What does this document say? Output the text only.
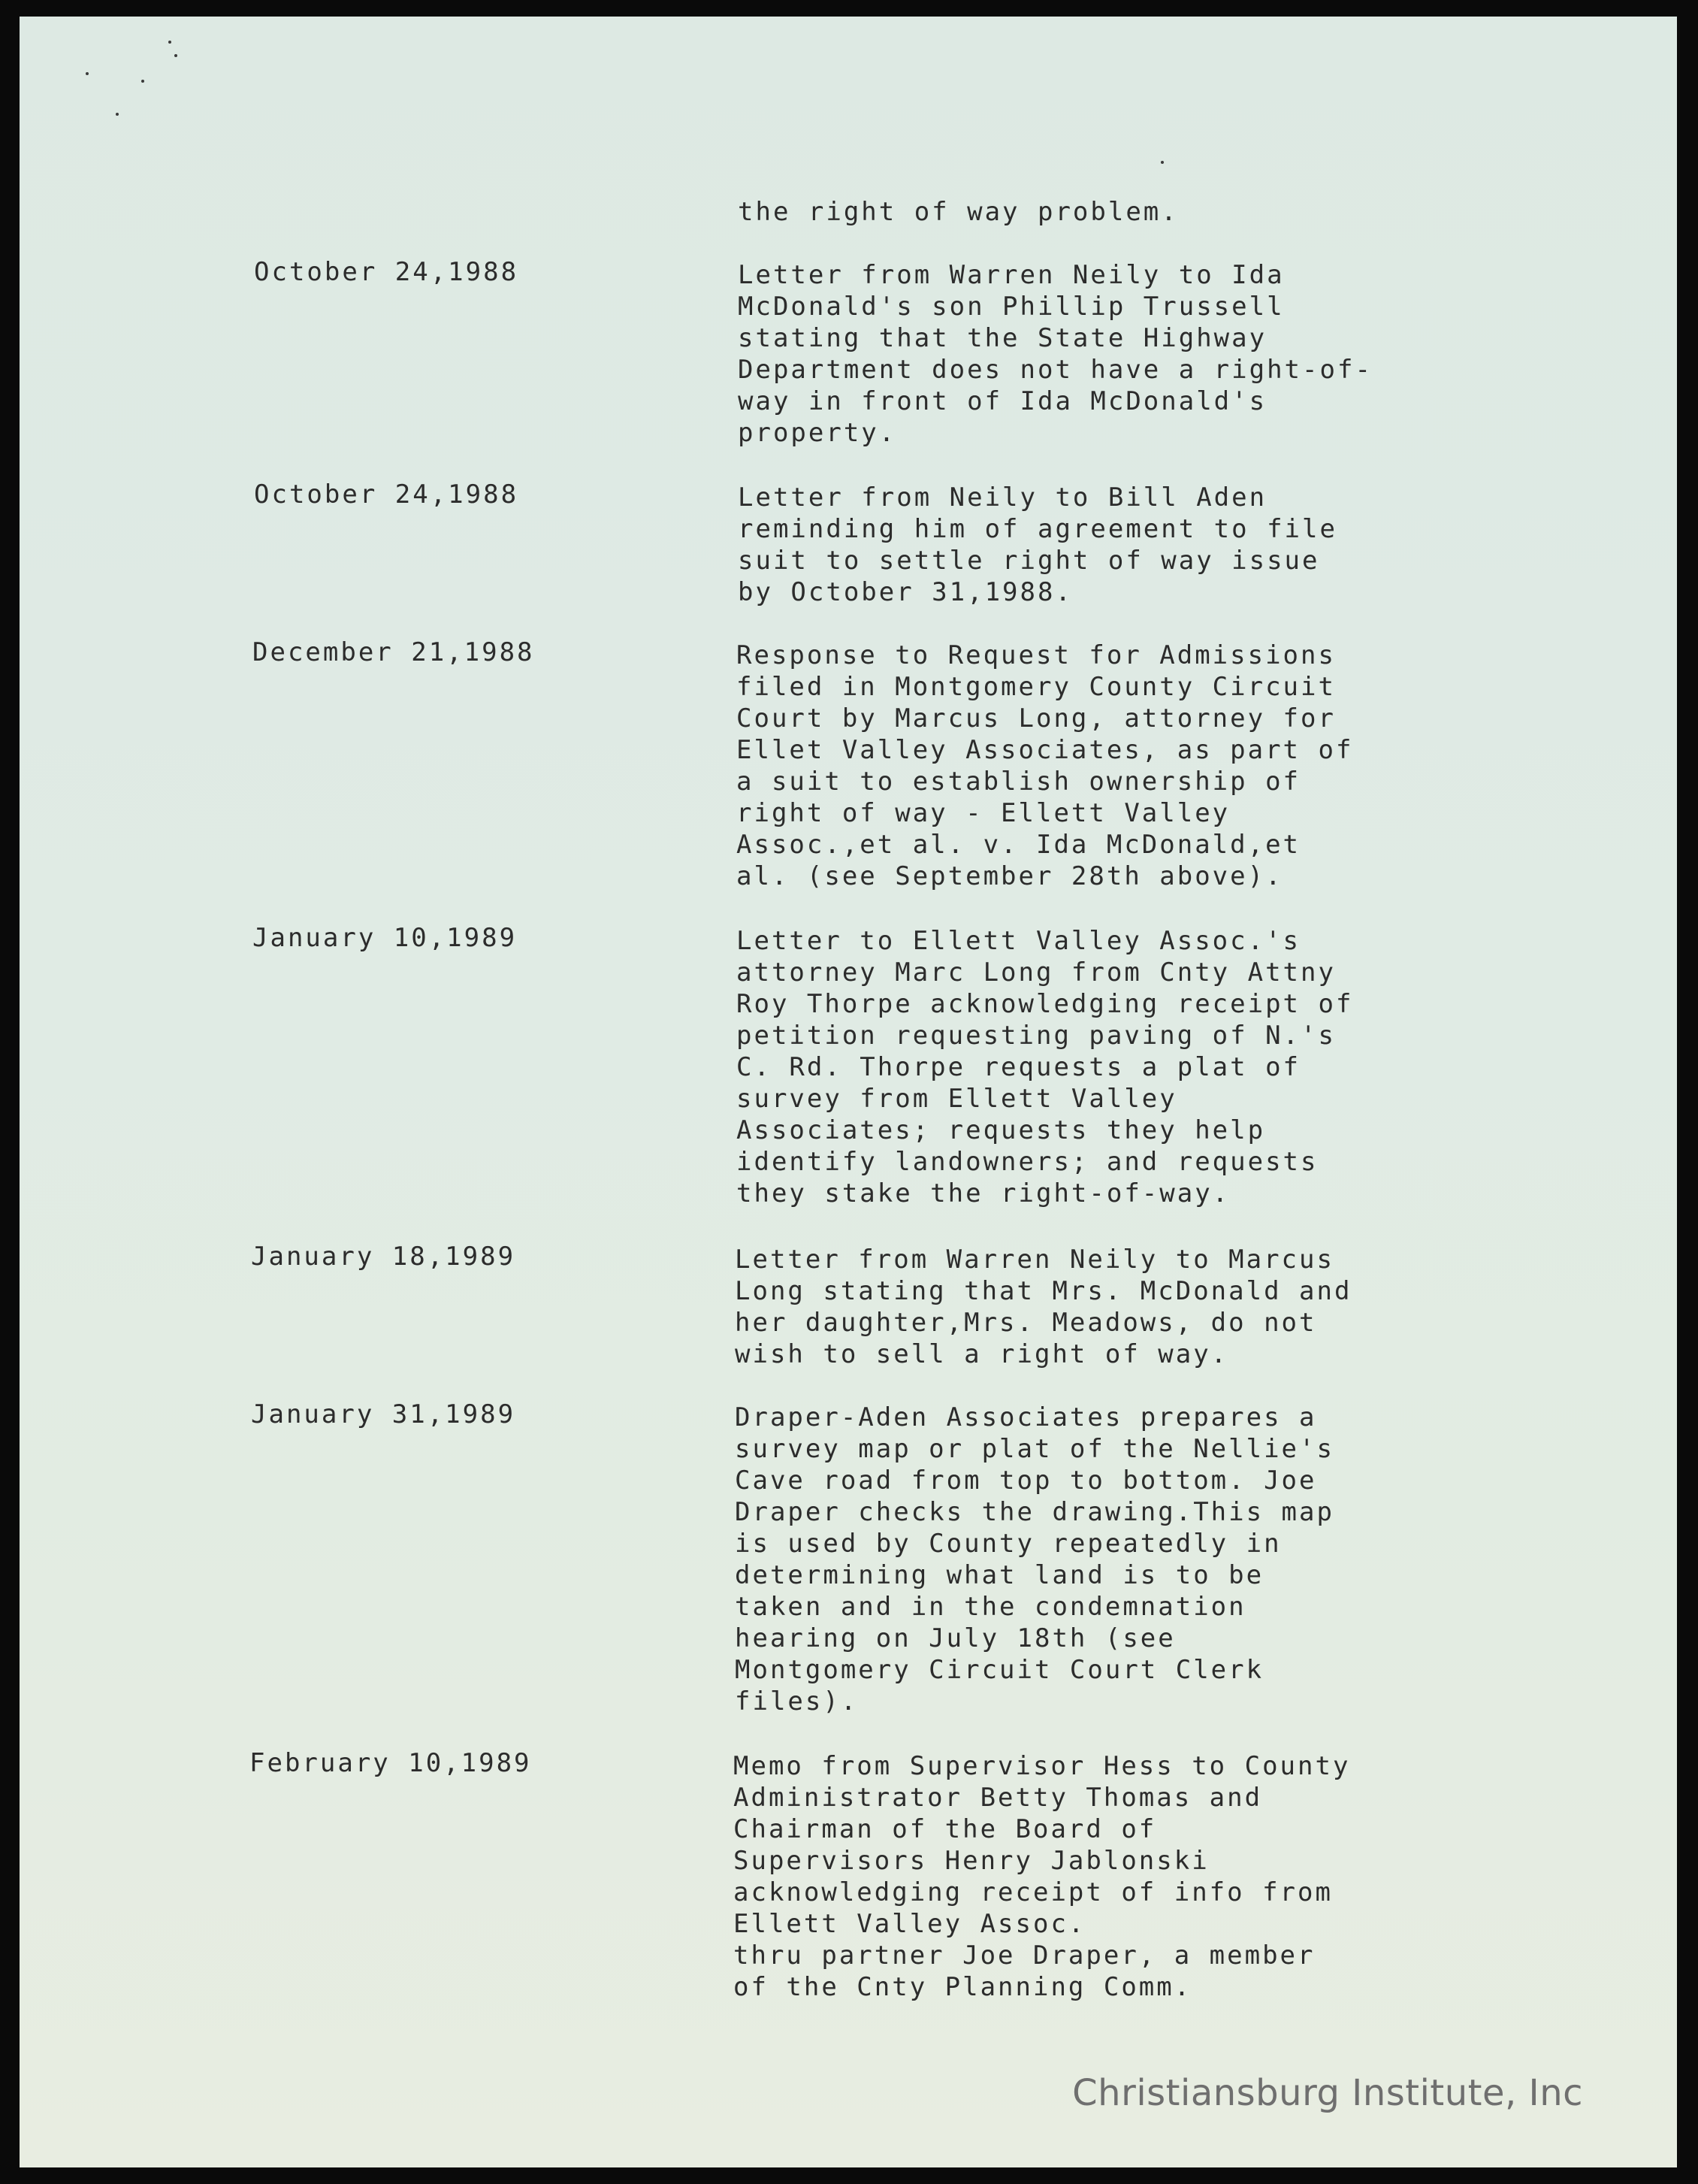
the right of way problem.
October 24,1988	Letter from Warren Neily to Ida
McDonald's son Phillip Trussell
stating that the State Highway
Department does not have a right-of-
way in front of Ida McDonald's
property.
October 24,1988	Letter from Neily to Bill Aden
reminding him of agreement to file
suit to settle right of way issue
by October 31,1988.
December 21,1988	Response to Request for Admissions
filed in Montgomery County Circuit
Court by Marcus Long, attorney for
Ellet Valley Associates, as part of
a suit to establish ownership of
right of way - Ellett Valley
Assoc.,et al. v. Ida McDonald,et
al. (see September 28th above).
January 10,1989	Letter to Ellett Valley Assoc.'s
attorney Marc Long from Cnty Attny
Roy Thorpe acknowledging receipt of
petition requesting paving of N.'s
C. Rd. Thorpe requests a plat of
survey from Ellett Valley
Associates; requests they help
identify landowners; and requests
they stake the right-of-way.
January 18,1989	Letter from Warren Neily to Marcus
Long stating that Mrs. McDonald and
her daughter,Mrs. Meadows, do not
wish to sell a right of way.
January 31,1989	Draper-Aden Associates prepares a
survey map or plat of the Nellie's
Cave road from top to bottom. Joe
Draper checks the drawing.This map
is used by County repeatedly in
determining what land is to be
taken and in the condemnation
hearing on July 18th (see
Montgomery Circuit Court Clerk
files).
February 10,1989	Memo from Supervisor Hess to County
Administrator Betty Thomas and
Chairman of the Board of
Supervisors Henry Jablonski
acknowledging receipt of info from
Ellett Valley Assoc.
thru partner Joe Draper, a member
of the Cnty Planning Comm.
Christiansburg Institute, Inc
